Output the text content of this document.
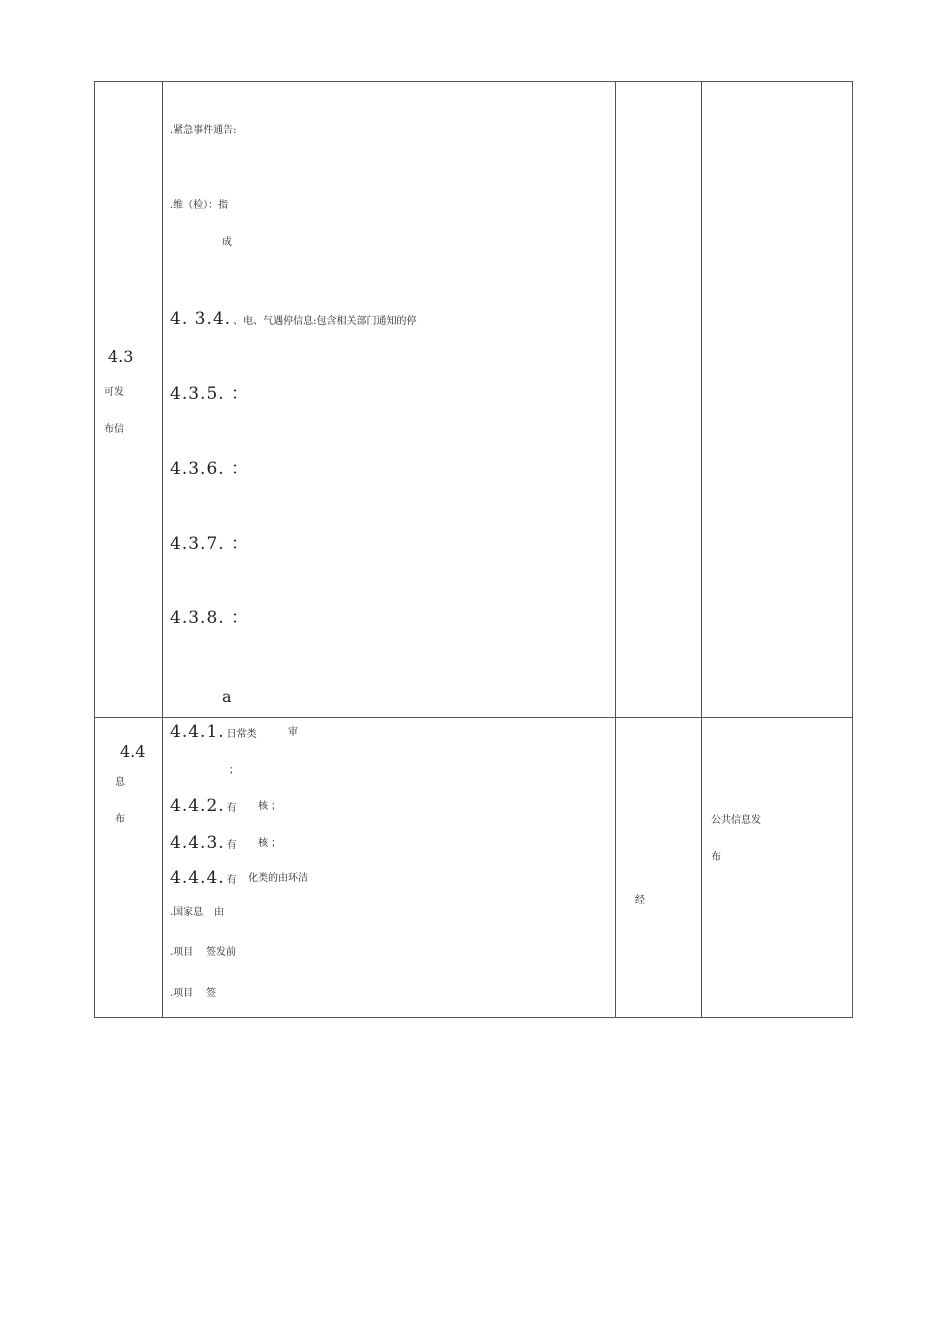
4.3
可发
布信
.紧急事件通告:
.维（检）：指
成
4. 3.4. 、电、气遇停信息:包含相关部门通知的停
4.3.5. ：
4.3.6. ：
4.3.7. ：
4.3.8. ：
a
4.4
息
布
4.4.1. 日常类	审
；
4.4.2. 有 核 ；
4.4.3. 有 核 ；
4.4.4. 有 化类的由环洁
.国家息 由
.项目 签发前
.项目 签
经
公共信息发
布
